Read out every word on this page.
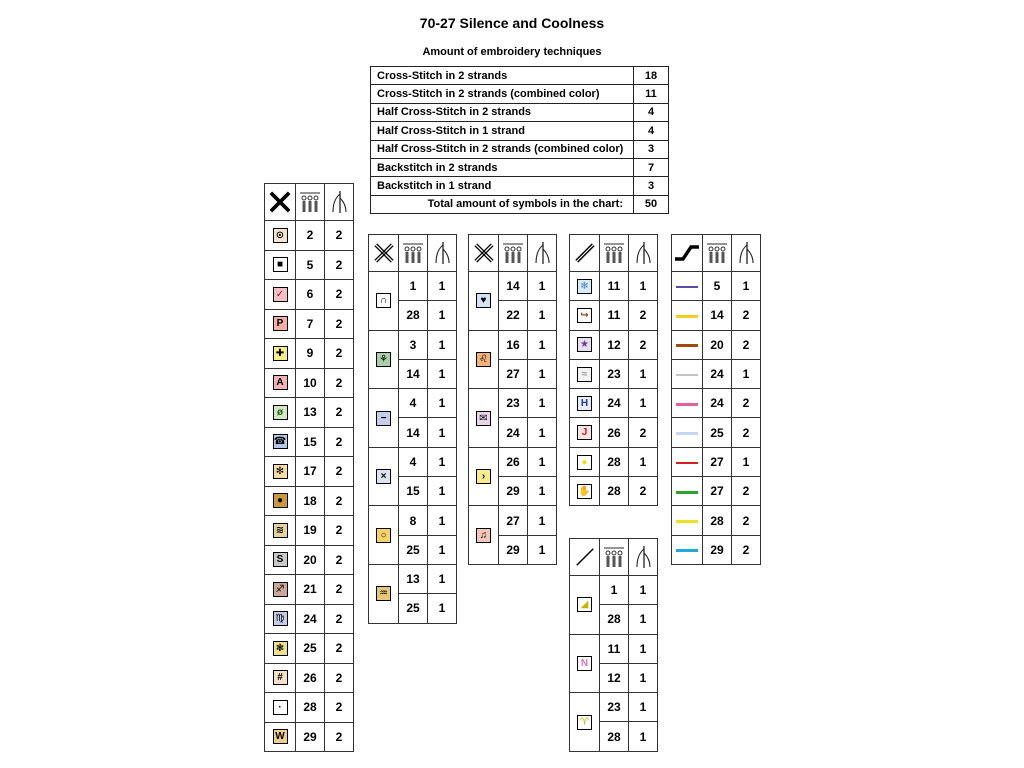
70-27 Silence and Coolness
Amount of embroidery techniques
Cross-Stitch in 2 strands	18
Cross-Stitch in 2 strands (combined color)	11
Half Cross-Stitch in 2 strands	4
Half Cross-Stitch in 1 strand	4
Half Cross-Stitch in 2 strands (combined color)	3
Backstitch in 2 strands	7
Backstitch in 1 strand	3
Total amount of symbols in the chart:	50

⊙	2	2
■	5	2
✓	6	2
P	7	2
✚	9	2
A	10	2
ø	13	2
☎	15	2
✻	17	2
●	18	2
≋	19	2
S	20	2
♐	21	2
♍	24	2
❃	25	2
#	26	2
·	28	2
W	29	2

∩	1	1
	28	1
⚘	3	1
	14	1
−	4	1
	14	1
×	4	1
	15	1
○	8	1
	25	1
♒	13	1
	25	1

♥	14	1
	22	1
♌	16	1
	27	1
✉	23	1
	24	1
›	26	1
	29	1
♫	27	1
	29	1

❄	11	1
↪	11	2
★	12	2
≈	23	1
H	24	1
J	26	2
●	28	1
✋	28	2

◢	1	1
	28	1
N	11	1
	12	1
♈	23	1
	28	1

	5	1
	14	2
	20	2
	24	1
	24	2
	25	2
	27	1
	27	2
	28	2
	29	2
